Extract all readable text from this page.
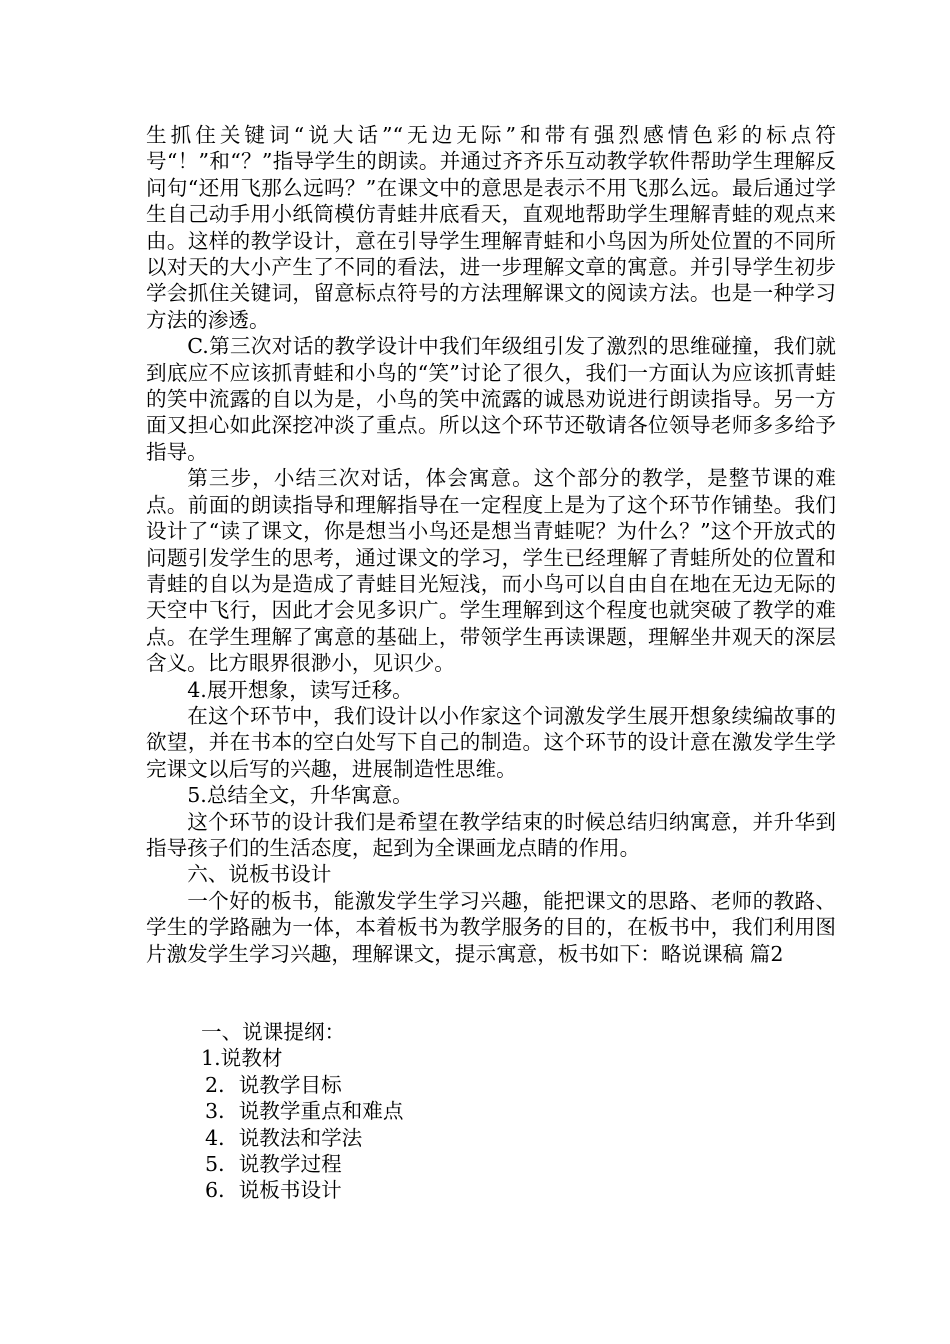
生抓住关键词“说大话”“无边无际”和带有强烈感情色彩的标点符号“！”和“？”指导学生的朗读。并通过齐齐乐互动教学软件帮助学生理解反问句“还用飞那么远吗？”在课文中的意思是表示不用飞那么远。最后通过学生自己动手用小纸筒模仿青蛙井底看天，直观地帮助学生理解青蛙的观点来由。这样的教学设计，意在引导学生理解青蛙和小鸟因为所处位置的不同所以对天的大小产生了不同的看法，进一步理解文章的寓意。并引导学生初步学会抓住关键词，留意标点符号的方法理解课文的阅读方法。也是一种学习方法的渗透。

C.第三次对话的教学设计中我们年级组引发了激烈的思维碰撞，我们就到底应不应该抓青蛙和小鸟的“笑”讨论了很久，我们一方面认为应该抓青蛙的笑中流露的自以为是，小鸟的笑中流露的诚恳劝说进行朗读指导。另一方面又担心如此深挖冲淡了重点。所以这个环节还敬请各位领导老师多多给予指导。

第三步，小结三次对话，体会寓意。这个部分的教学，是整节课的难点。前面的朗读指导和理解指导在一定程度上是为了这个环节作铺垫。我们设计了“读了课文，你是想当小鸟还是想当青蛙呢？为什么？”这个开放式的问题引发学生的思考，通过课文的学习，学生已经理解了青蛙所处的位置和青蛙的自以为是造成了青蛙目光短浅，而小鸟可以自由自在地在无边无际的天空中飞行，因此才会见多识广。学生理解到这个程度也就突破了教学的难点。在学生理解了寓意的基础上，带领学生再读课题，理解坐井观天的深层含义。比方眼界很渺小，见识少。

4.展开想象，读写迁移。

在这个环节中，我们设计以小作家这个词激发学生展开想象续编故事的欲望，并在书本的空白处写下自己的制造。这个环节的设计意在激发学生学完课文以后写的兴趣，进展制造性思维。

5.总结全文，升华寓意。

这个环节的设计我们是希望在教学结束的时候总结归纳寓意，并升华到指导孩子们的生活态度，起到为全课画龙点睛的作用。

六、说板书设计

一个好的板书，能激发学生学习兴趣，能把课文的思路、老师的教路、学生的学路融为一体，本着板书为教学服务的目的，在板书中，我们利用图片激发学生学习兴趣，理解课文，提示寓意，板书如下：略说课稿 篇2

一、说课提纲：

1.说教材

2．说教学目标

3．说教学重点和难点

4．说教法和学法

5．说教学过程

6．说板书设计
